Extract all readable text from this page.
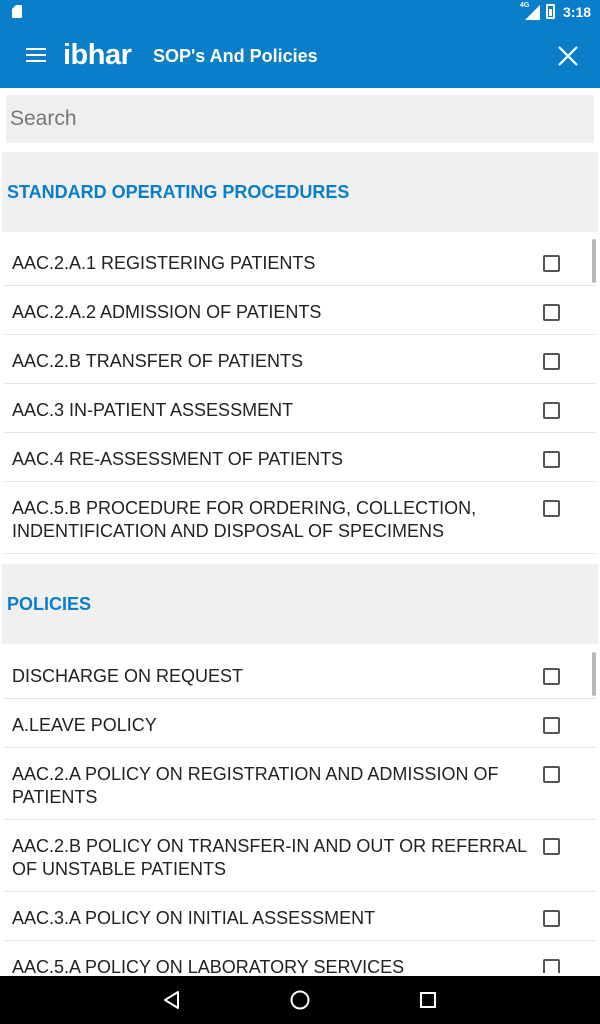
4G 3:18
ibhar SOP's And Policies
Search
STANDARD OPERATING PROCEDURES
AAC.2.A.1 REGISTERING PATIENTS
AAC.2.A.2 ADMISSION OF PATIENTS
AAC.2.B TRANSFER OF PATIENTS
AAC.3 IN-PATIENT ASSESSMENT
AAC.4 RE-ASSESSMENT OF PATIENTS
AAC.5.B PROCEDURE FOR ORDERING, COLLECTION, INDENTIFICATION AND DISPOSAL OF SPECIMENS
POLICIES
DISCHARGE ON REQUEST
A.LEAVE POLICY
AAC.2.A POLICY ON REGISTRATION AND ADMISSION OF PATIENTS
AAC.2.B POLICY ON TRANSFER-IN AND OUT OR REFERRAL OF UNSTABLE PATIENTS
AAC.3.A POLICY ON INITIAL ASSESSMENT
AAC.5.A POLICY ON LABORATORY SERVICES
